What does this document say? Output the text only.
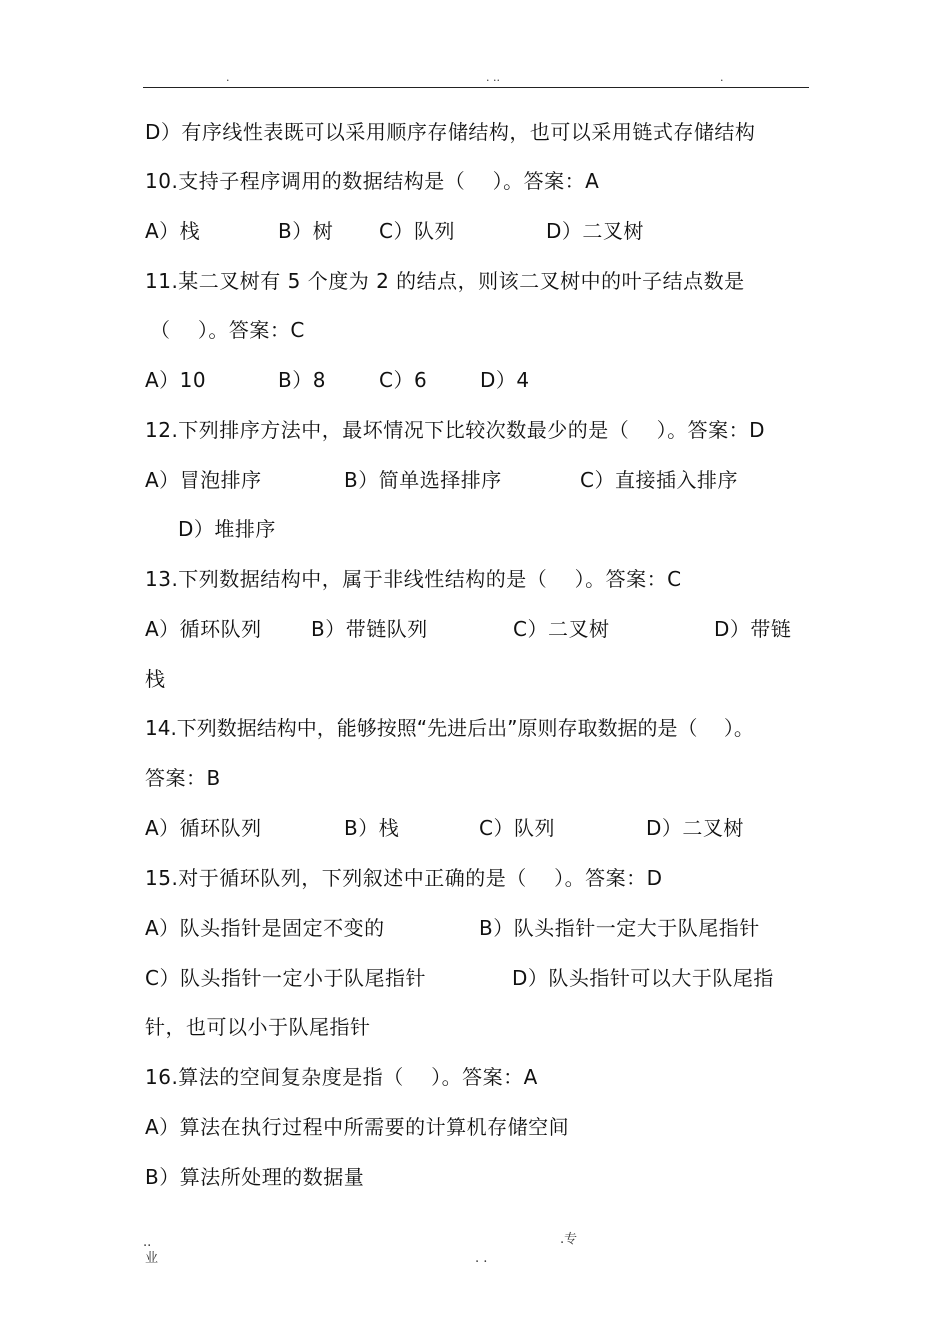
.	. ..	.
D）有序线性表既可以采用顺序存储结构，也可以采用链式存储结构
10.支持子程序调用的数据结构是（　 ）。答案：A
A）栈	B）树 C）队列	D）二叉树
11.某二叉树有 5 个度为 2 的结点，则该二叉树中的叶子结点数是
（　 ）。答案：C
A）10	B）8	C）6	D）4
12.下列排序方法中，最坏情况下比较次数最少的是（　 ）。答案：D
A）冒泡排序	B）简单选择排序	C）直接插入排序
D）堆排序
13.下列数据结构中，属于非线性结构的是（　 ）。答案：C
A）循环队列 B）带链队列	C）二叉树	D）带链
栈
14.下列数据结构中，能够按照“先进后出”原则存取数据的是（　 ）。
答案：B
A）循环队列	B）栈	C）队列	D）二叉树
15.对于循环队列，下列叙述中正确的是（　 ）。答案：D
A）队头指针是固定不变的	B）队头指针一定大于队尾指针
C）队头指针一定小于队尾指针	D）队头指针可以大于队尾指
针，也可以小于队尾指针
16.算法的空间复杂度是指（　 ）。答案：A
A）算法在执行过程中所需要的计算机存储空间
B）算法所处理的数据量
..
业
.专
. .
